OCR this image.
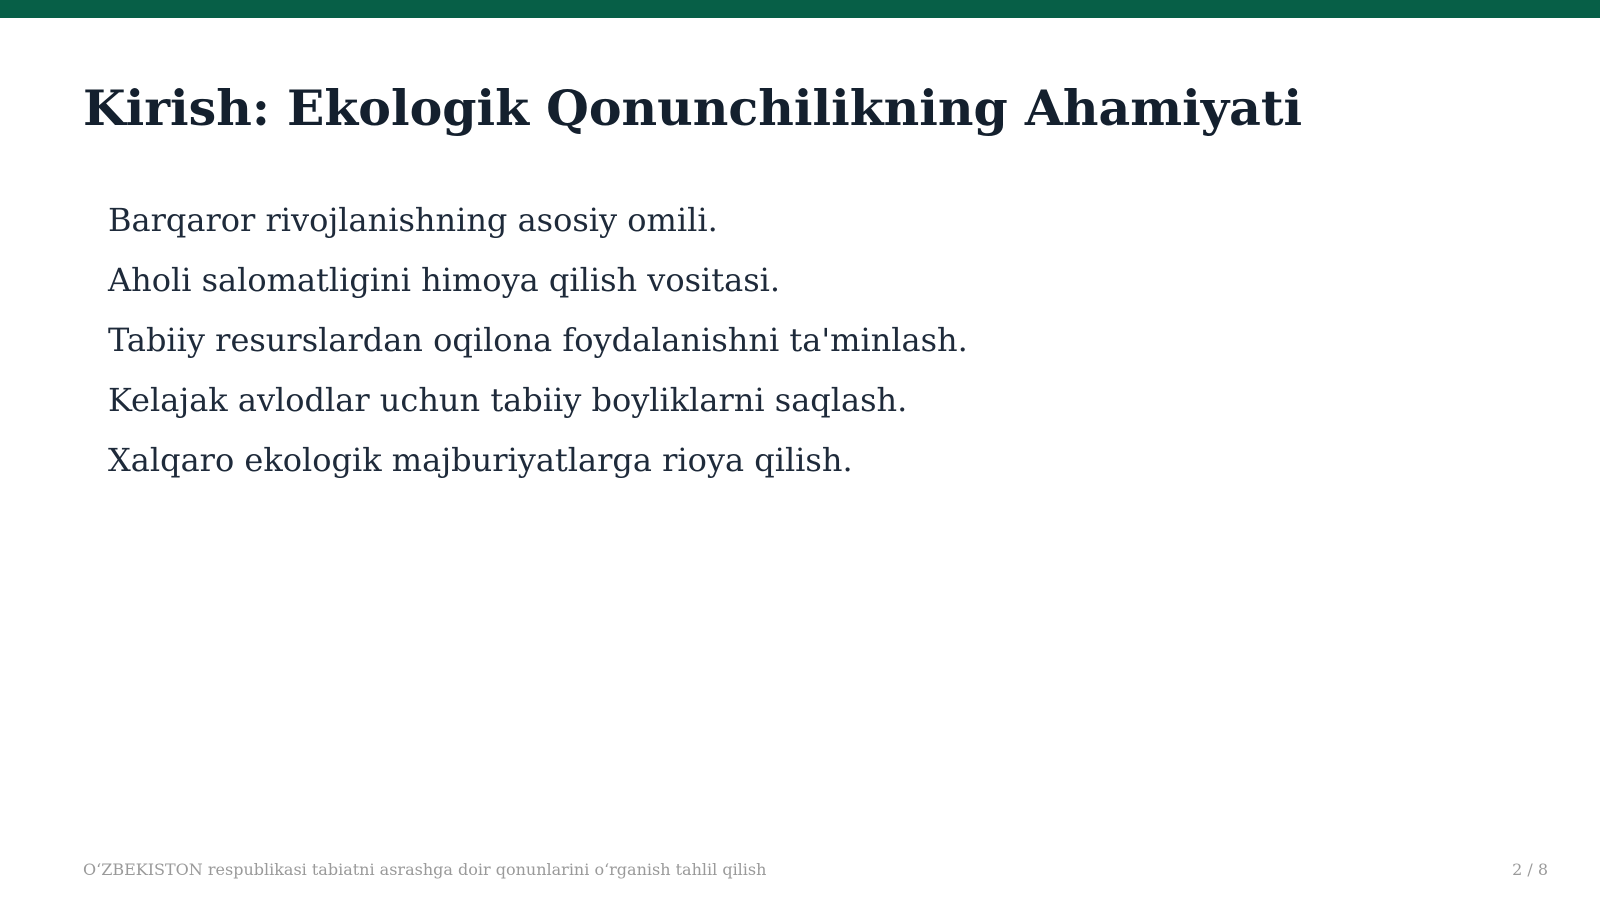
Kirish: Ekologik Qonunchilikning Ahamiyati
Barqaror rivojlanishning asosiy omili.
Aholi salomatligini himoya qilish vositasi.
Tabiiy resurslardan oqilona foydalanishni ta'minlash.
Kelajak avlodlar uchun tabiiy boyliklarni saqlash.
Xalqaro ekologik majburiyatlarga rioya qilish.
O‘ZBEKISTON respublikasi tabiatni asrashga doir qonunlarini o‘rganish tahlil qilish	2 / 8
